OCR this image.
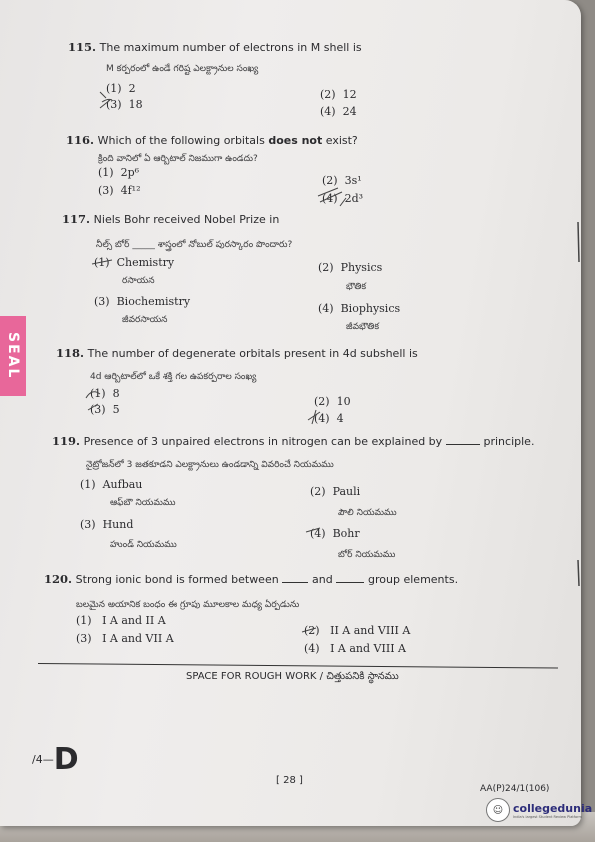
SEAL
115. The maximum number of electrons in M shell is
M కర్పరంలో ఉండే గరిష్ట ఎలక్ట్రానుల సంఖ్య
(1) 2	(2) 12
(3) 18
(4) 24
116. Which of the following orbitals does not exist?
క్రింది వానిలో ఏ ఆర్బిటాల్ నిజముగా ఉండదు?
(1) 2p⁶
(2) 3s¹
(3) 4f¹²
(4) 2d³
117. Niels Bohr received Nobel Prize in
నీల్స్ బోర్ _____ శాస్త్రంలో నోబుల్ పురస్కారం పొందారు?
(1) Chemistry
రసాయన
(2) Physics
భౌతిక
(3) Biochemistry
జీవరసాయన
(4) Biophysics
జీవభౌతిక
118. The number of degenerate orbitals present in 4d subshell is
4d ఆర్బిటాల్‌లో ఒకే శక్తి గల ఉపకర్పరాల సంఖ్య
(1) 8
(2) 10
(3) 5
(4) 4
119. Presence of 3 unpaired electrons in nitrogen can be explained by	principle.
నైట్రోజన్‌లో 3 జతకూడని ఎలక్ట్రానులు ఉండడాన్ని వివరించే నియమము
(1) Aufbau
ఆఫ్‌బౌ నియమము
(2) Pauli
పౌలి నియమము
(3) Hund
హుండ్ నియమము
(4) Bohr
బోర్ నియమము
120. Strong ionic bond is formed between	and	group elements.
బలమైన అయానిక బంధం ఈ గ్రూపు మూలకాల మధ్య ఏర్పడును
(1) I A and II A
(2) II A and VIII A
(3) I A and VII A
(4) I A and VIII A
SPACE FOR ROUGH WORK / చిత్తుపనికి స్థానము
/4—D
[ 28 ]
AA(P)24/1(106)
☺ collegedunia
India's largest Student Review Platform
